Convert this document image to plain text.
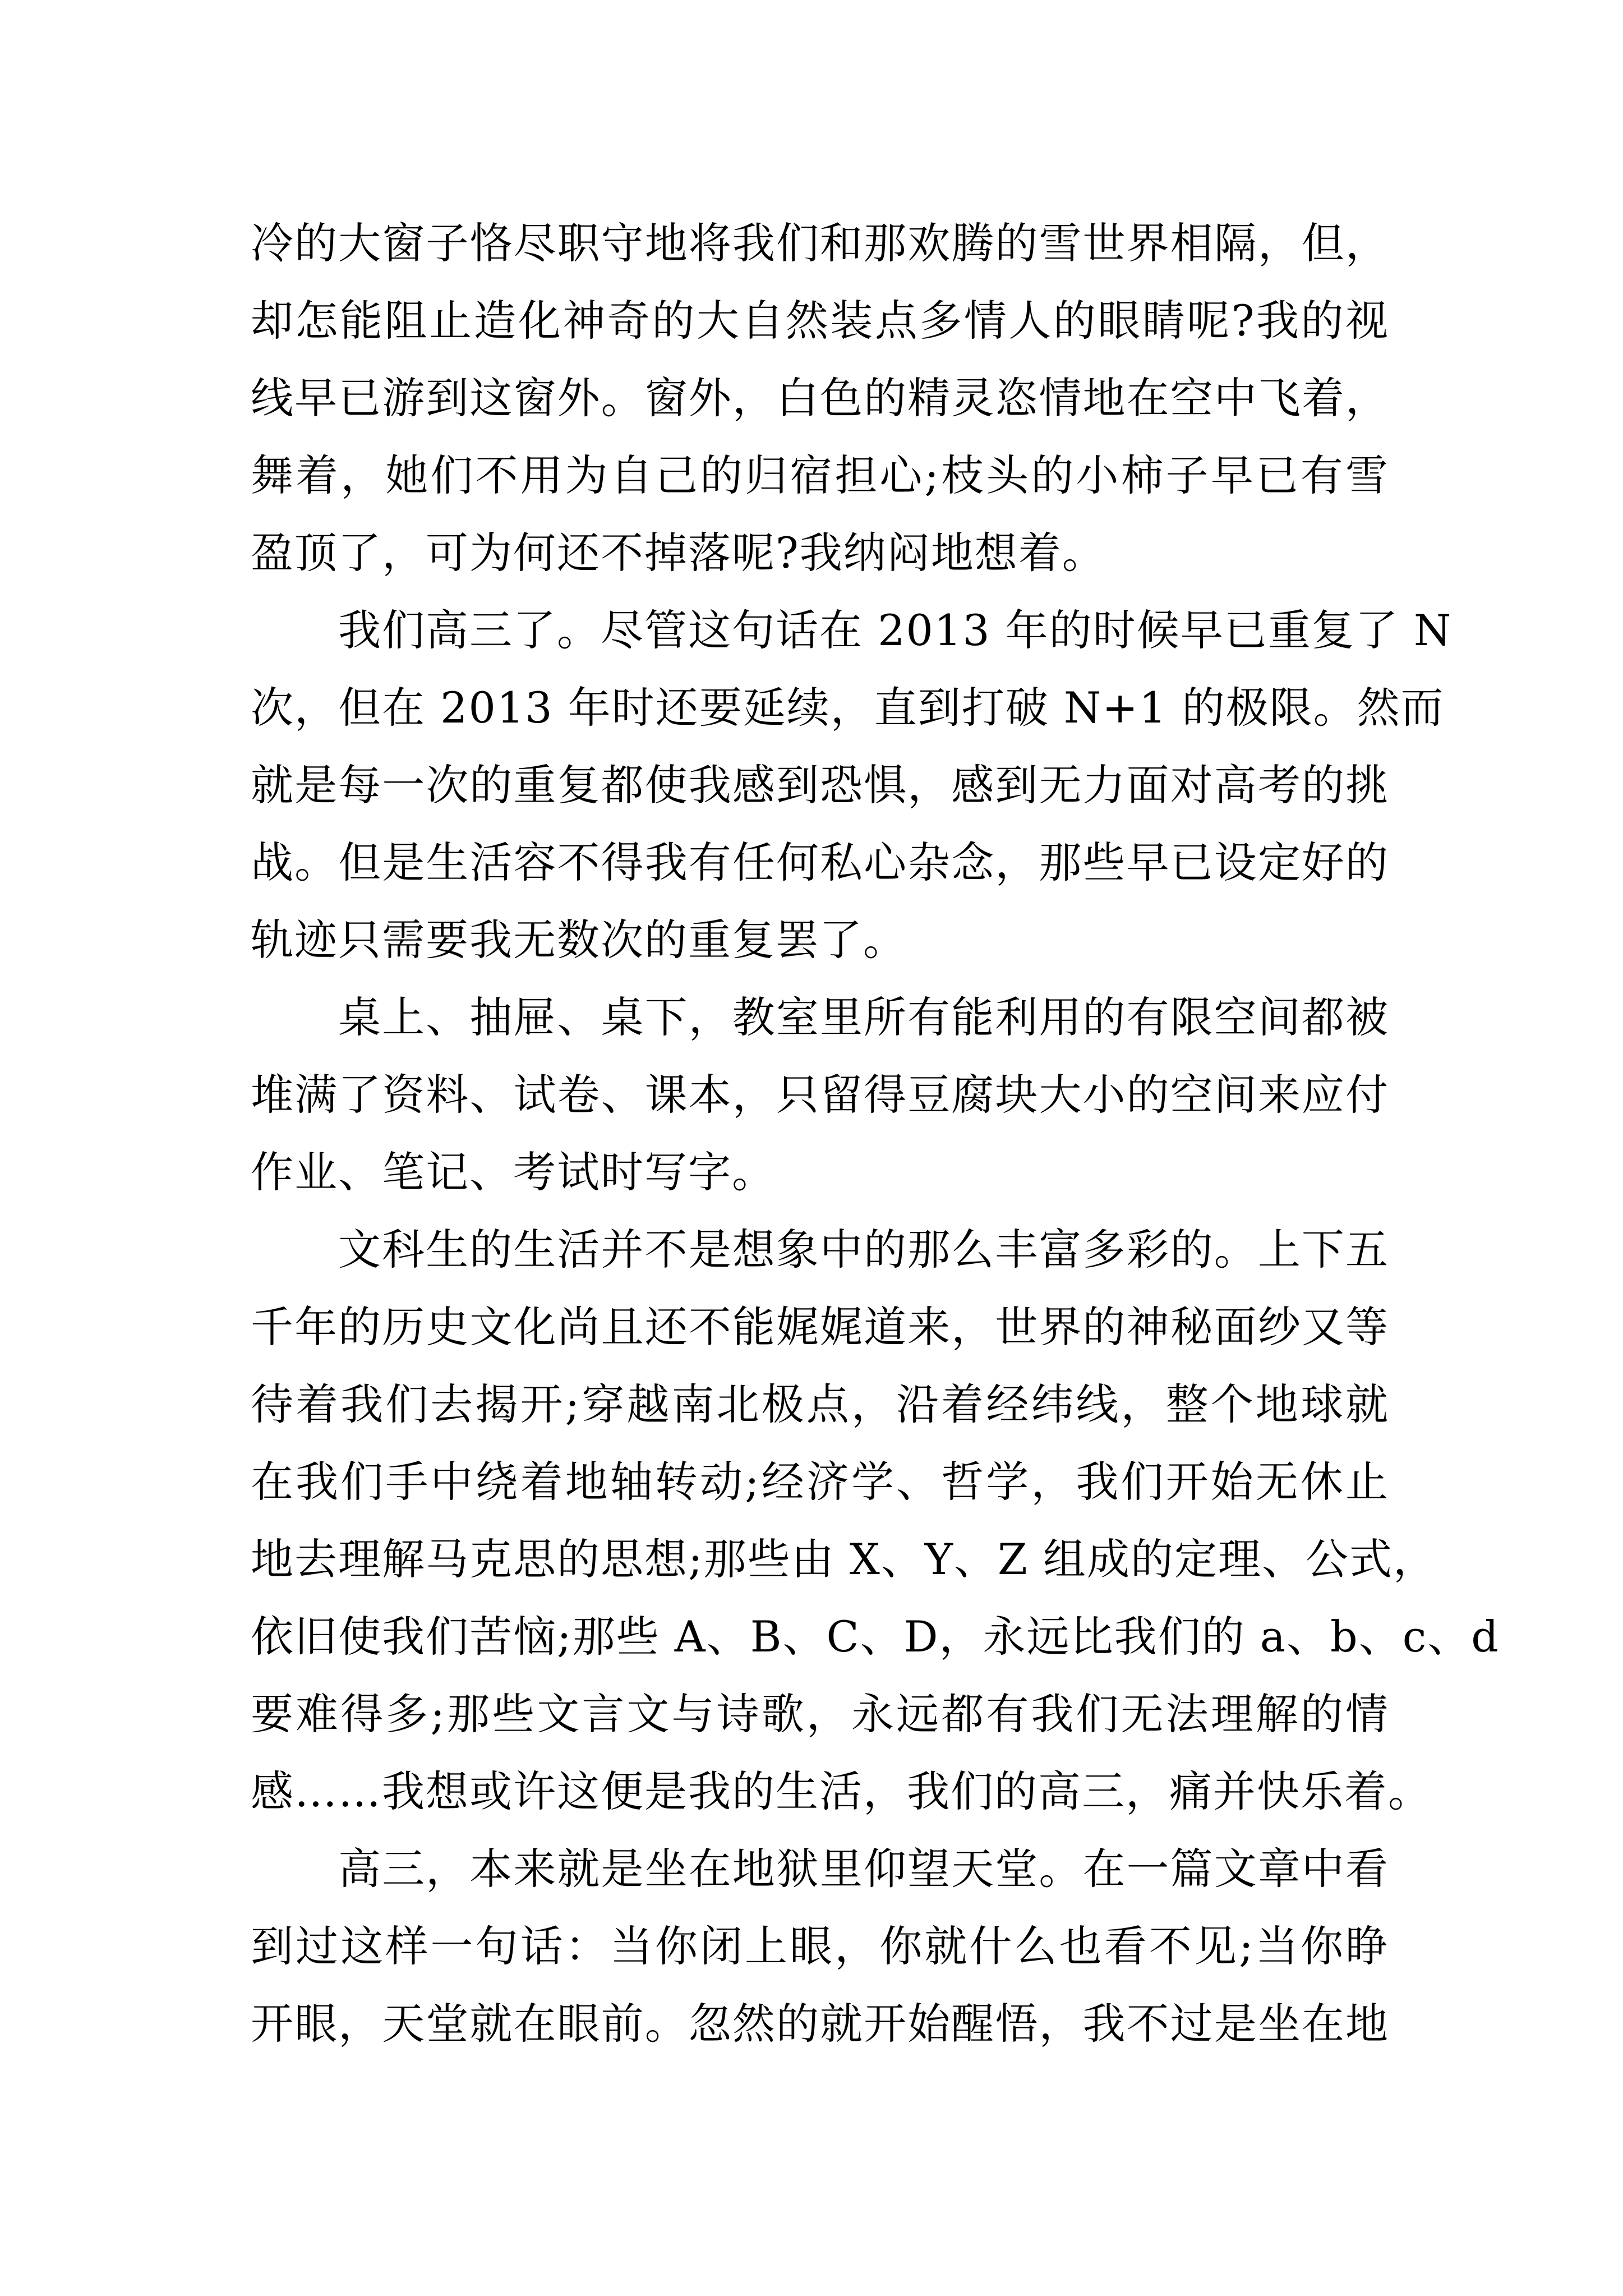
冷的大窗子恪尽职守地将我们和那欢腾的雪世界相隔，但，
却怎能阻止造化神奇的大自然装点多情人的眼睛呢?我的视
线早已游到这窗外。窗外，白色的精灵恣情地在空中飞着，
舞着，她们不用为自己的归宿担心;枝头的小柿子早已有雪
盈顶了，可为何还不掉落呢?我纳闷地想着。
我们高三了。尽管这句话在 2013 年的时候早已重复了 N
次，但在 2013 年时还要延续，直到打破 N+1 的极限。然而
就是每一次的重复都使我感到恐惧，感到无力面对高考的挑
战。但是生活容不得我有任何私心杂念，那些早已设定好的
轨迹只需要我无数次的重复罢了。
桌上、抽屉、桌下，教室里所有能利用的有限空间都被
堆满了资料、试卷、课本，只留得豆腐块大小的空间来应付
作业、笔记、考试时写字。
文科生的生活并不是想象中的那么丰富多彩的。上下五
千年的历史文化尚且还不能娓娓道来，世界的神秘面纱又等
待着我们去揭开;穿越南北极点，沿着经纬线，整个地球就
在我们手中绕着地轴转动;经济学、哲学，我们开始无休止
地去理解马克思的思想;那些由 X、Y、Z 组成的定理、公式，
依旧使我们苦恼;那些 A、B、C、D，永远比我们的 a、b、c、d
要难得多;那些文言文与诗歌，永远都有我们无法理解的情
感……我想或许这便是我的生活，我们的高三，痛并快乐着。
高三，本来就是坐在地狱里仰望天堂。在一篇文章中看
到过这样一句话：当你闭上眼，你就什么也看不见;当你睁
开眼，天堂就在眼前。忽然的就开始醒悟，我不过是坐在地
